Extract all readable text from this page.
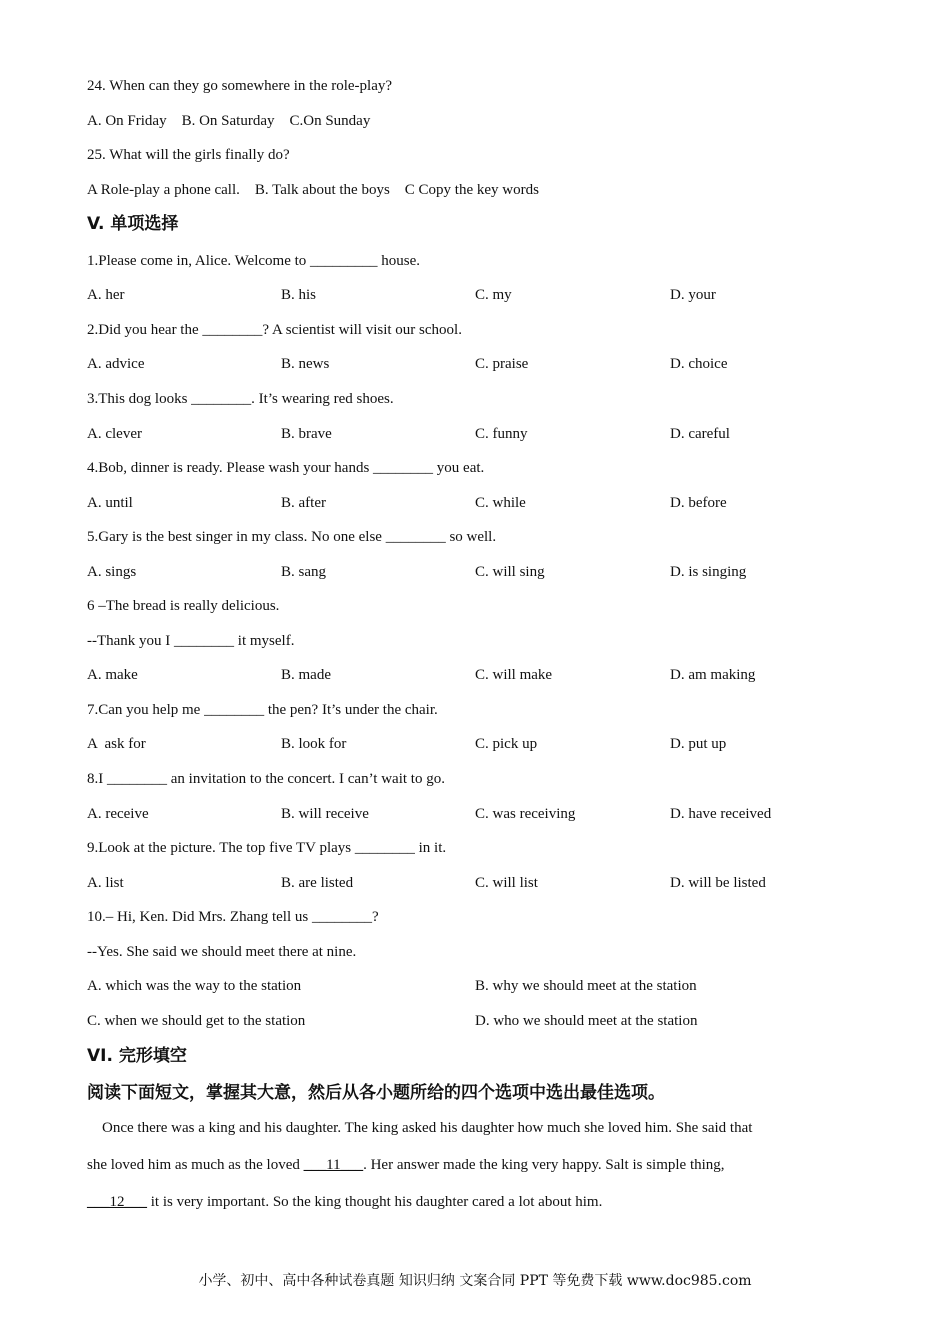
24. When can they go somewhere in the role-play?
A. On Friday    B. On Saturday    C.On Sunday
25. What will the girls finally do?
A Role-play a phone call.    B. Talk about the boys    C Copy the key words
V. 单项选择
1.Please come in, Alice. Welcome to _________ house.
A. her	B. his	C. my	D. your
2.Did you hear the ________? A scientist will visit our school.
A. advice	B. news	C. praise	D. choice
3.This dog looks ________. It’s wearing red shoes.
A. clever	B. brave	C. funny	D. careful
4.Bob, dinner is ready. Please wash your hands ________ you eat.
A. until	B. after	C. while	D. before
5.Gary is the best singer in my class. No one else ________ so well.
A. sings	B. sang	C. will sing	D. is singing
6 –The bread is really delicious.
--Thank you I ________ it myself.
A. make	B. made	C. will make	D. am making
7.Can you help me ________ the pen? It’s under the chair.
A  ask for	B. look for	C. pick up	D. put up
8.I ________ an invitation to the concert. I can’t wait to go.
A. receive	B. will receive	C. was receiving	D. have received
9.Look at the picture. The top five TV plays ________ in it.
A. list	B. are listed	C. will list	D. will be listed
10.– Hi, Ken. Did Mrs. Zhang tell us ________?
--Yes. She said we should meet there at nine.
A. which was the way to the station	B. why we should meet at the station
C. when we should get to the station	D. who we should meet at the station
VI. 完形填空
阅读下面短文，掌握其大意，然后从各小题所给的四个选项中选出最佳选项。
Once there was a king and his daughter. The king asked his daughter how much she loved him. She said that
she loved him as much as the loved ___11___. Her answer made the king very happy. Salt is simple thing,
___12___ it is very important. So the king thought his daughter cared a lot about him.
小学、初中、高中各种试卷真题 知识归纳 文案合同 PPT 等免费下载 www.doc985.com
